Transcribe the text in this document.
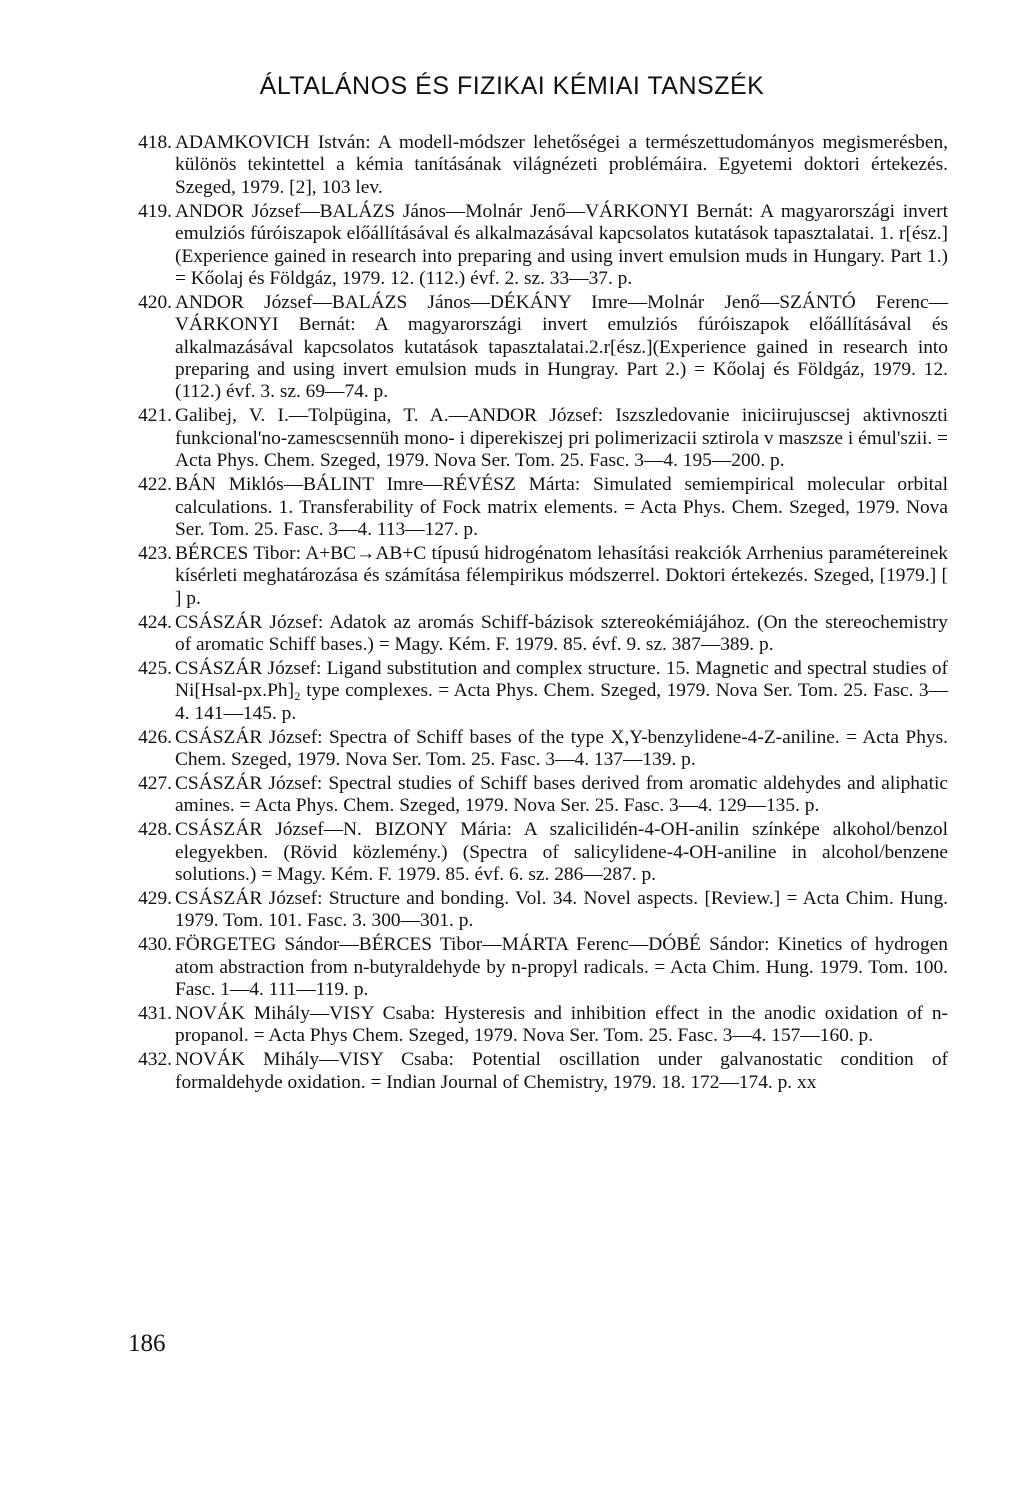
ÁLTALÁNOS ÉS FIZIKAI KÉMIAI TANSZÉK
418. ADAMKOVICH István: A modell-módszer lehetőségei a természettudományos megismerésben, különös tekintettel a kémia tanításának világnézeti problémáira. Egyetemi doktori értekezés. Szeged, 1979. [2], 103 lev.
419. ANDOR József—BALÁZS János—Molnár Jenő—VÁRKONYI Bernát: A magyarországi invert emulziós fúróiszapok előállításával és alkalmazásával kapcsolatos kutatások tapasztalatai. 1. r[ész.] (Experience gained in research into preparing and using invert emulsion muds in Hungary. Part 1.) = Kőolaj és Földgáz, 1979. 12. (112.) évf. 2. sz. 33—37. p.
420. ANDOR József—BALÁZS János—DÉKÁNY Imre—Molnár Jenő—SZÁNTÓ Ferenc—VÁRKONYI Bernát: A magyarországi invert emulziós fúróiszapok előállításával és alkalmazásával kapcsolatos kutatások tapasztalatai.2.r[ész.](Experience gained in research into preparing and using invert emulsion muds in Hungray. Part 2.) = Kőolaj és Földgáz, 1979. 12. (112.) évf. 3. sz. 69—74. p.
421. Galibej, V. I.—Tolpügina, T. A.—ANDOR József: Iszszledovanie iniciirujuscsej aktivnoszti funkcional'no-zamescsennüh mono- i diperekiszej pri polimerizacii sztirola v maszsze i émul'szii. = Acta Phys. Chem. Szeged, 1979. Nova Ser. Tom. 25. Fasc. 3—4. 195—200. p.
422. BÁN Miklós—BÁLINT Imre—RÉVÉSZ Márta: Simulated semiempirical molecular orbital calculations. 1. Transferability of Fock matrix elements. = Acta Phys. Chem. Szeged, 1979. Nova Ser. Tom. 25. Fasc. 3—4. 113—127. p.
423. BÉRCES Tibor: A+BC→AB+C típusú hidrogénatom lehasítási reakciók Arrhenius paramétereinek kísérleti meghatározása és számítása félempirikus módszerrel. Doktori értekezés. Szeged, [1979.] [ ] p.
424. CSÁSZÁR József: Adatok az aromás Schiff-bázisok sztereokémiájához. (On the stereochemistry of aromatic Schiff bases.) = Magy. Kém. F. 1979. 85. évf. 9. sz. 387—389. p.
425. CSÁSZÁR József: Ligand substitution and complex structure. 15. Magnetic and spectral studies of Ni[Hsal-px.Ph]₂ type complexes. = Acta Phys. Chem. Szeged, 1979. Nova Ser. Tom. 25. Fasc. 3—4. 141—145. p.
426. CSÁSZÁR József: Spectra of Schiff bases of the type X,Y-benzylidene-4-Z-aniline. = Acta Phys. Chem. Szeged, 1979. Nova Ser. Tom. 25. Fasc. 3—4. 137—139. p.
427. CSÁSZÁR József: Spectral studies of Schiff bases derived from aromatic aldehydes and aliphatic amines. = Acta Phys. Chem. Szeged, 1979. Nova Ser. 25. Fasc. 3—4. 129—135. p.
428. CSÁSZÁR József—N. BIZONY Mária: A szalicilidén-4-OH-anilin színképe alkohol/benzol elegyekben. (Rövid közlemény.) (Spectra of salicylidene-4-OH-aniline in alcohol/benzene solutions.) = Magy. Kém. F. 1979. 85. évf. 6. sz. 286—287. p.
429. CSÁSZÁR József: Structure and bonding. Vol. 34. Novel aspects. [Review.] = Acta Chim. Hung. 1979. Tom. 101. Fasc. 3. 300—301. p.
430. FÖRGETEG Sándor—BÉRCES Tibor—MÁRTA Ferenc—DÓBÉ Sándor: Kinetics of hydrogen atom abstraction from n-butyraldehyde by n-propyl radicals. = Acta Chim. Hung. 1979. Tom. 100. Fasc. 1—4. 111—119. p.
431. NOVÁK Mihály—VISY Csaba: Hysteresis and inhibition effect in the anodic oxidation of n-propanol. = Acta Phys Chem. Szeged, 1979. Nova Ser. Tom. 25. Fasc. 3—4. 157—160. p.
432. NOVÁK Mihály—VISY Csaba: Potential oscillation under galvanostatic condition of formaldehyde oxidation. = Indian Journal of Chemistry, 1979. 18. 172—174. p. xx
186
